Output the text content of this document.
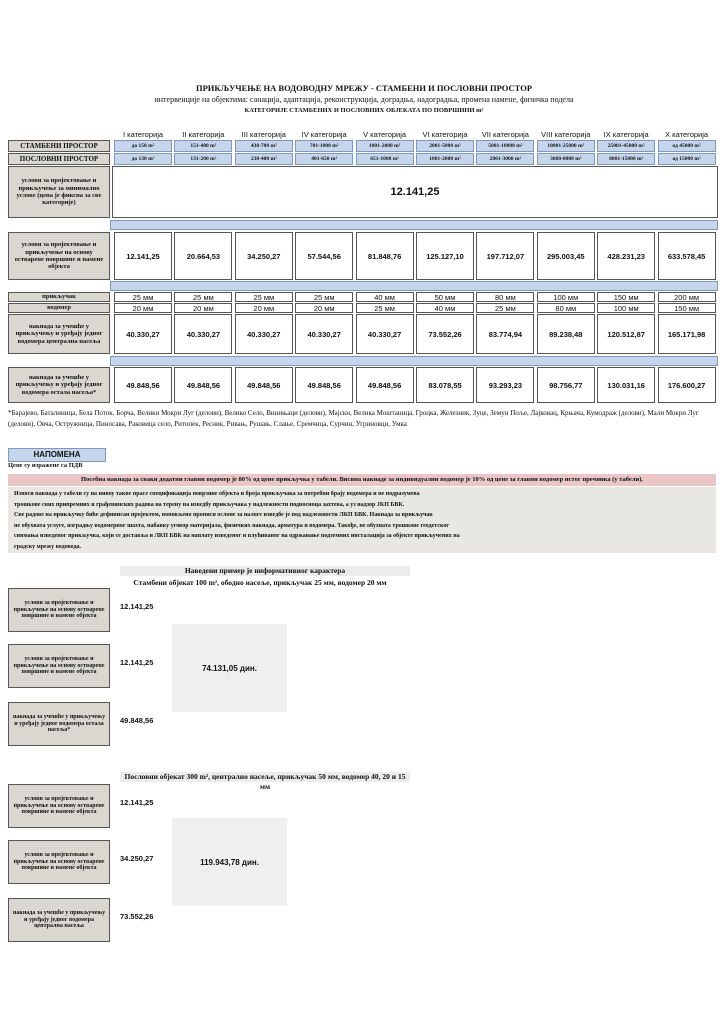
ПРИКЉУЧЕЊЕ НА ВОДОВОДНУ МРЕЖУ - СТАМБЕНИ И ПОСЛОВНИ ПРОСТОР
интервенције на објектима: санација, адаптација, реконструкција, доградња, надоградња, промена намене, физичка подела
КАТЕГОРИЈЕ СТАМБЕНИХ И ПОСЛОВНИХ ОБЈЕКАТА ПО ПОВРШИНИ m²
I категорија	II категорија	III категорија	IV категорија	V категорија	VI категорија	VII категорија	VIII категорија	IX категорија	X категорија
СТАМБЕНИ ПРОСТОР	до 150 m²	151-400 m²	430-700 m²	701-1000 m²	1001-2000 m²	2001-5000 m²	5001-10000 m²	10001-25000 m²	25001-45000 m²	од 45000 m²
ПОСЛОВНИ ПРОСТОР	до 130 m²	131-200 m²	230-400 m²	401-650 m²	651-1000 m²	1001-2000 m²	2001-3000 m²	3000-8000 m²	8001-15000 m²	од 15000 m²
услови за пројектовање и прикључење за минимално услове (цена је фиксна за све категорије)
12.141,25
услови за пројектовање и прикључење на основу остварене површине и намене објекта
12.141,25	20.664,53	34.250,27	57.544,56	81.848,76	125.127,10	197.712,07	295.003,45	428.231,23	633.578,45
прикључак	25 мм	25 мм	25 мм	25 мм	40 мм	50 мм	80 мм	100 мм	150 мм	200 мм
водомер	20 мм	20 мм	20 мм	20 мм	25 мм	40 мм	25 мм	80 мм	100 мм	150 мм
накнада за учешће у прикључењу и уређају једног водомера централна насеља
40.330,27	40.330,27	40.330,27	40.330,27	40.330,27	73.552,26	83.774,94	89.238,48	120.512,87	165.171,98
накнада за учешће у прикључењу и уређају једног водомера остала насеља*
49.848,56	49.848,56	49.848,56	49.848,56	49.848,56	83.078,55	93.293,23	98.756,77	130.031,16	176.600,27
*Барајево, Баталиница, Бела Поток, Борча, Велики Мокри Луг (делови), Велико Село, Винињаци (делови), Мајски, Велика Моштаница, Гроцка, Железник, Зуце, Земун Поље, Лајковац, Крњача, Кумодраж (делови), Мали Мокри Луг (делови), Овча, Остружница, Пиносава, Раковица село, Ритопек, Ресник, Ривањ, Рушањ, Слање, Сремчица, Сурчин, Угриновци, Умка
НАПОМЕНА
Цене су изражене са ПДВ
Посебна накнада за сваки додатни главни водомер је 80% од цене прикључка у табели. Висина накнаде за индивидуални водомер је 10% од цене за главни водомер истог пречника (у табели).
Износи накнада у табели су на нивоу такве прасе спецификација поврзине објекта и броја прикључака за потребни брају водомера и не подразумева
трошкове свих припремних и грађевинских радова на терену на изведбу прикључака у надлежности подносиоца захтева, а уз надзор ЈКП БВК.
Све радове на прикључку биће дефинисан пројектом, поновљено прописи ослоне за налоге изведбе је под надлежности ЛКП БВК. Накнада за прикључак
не обухвата услуге, изградњу водомерног шахта, набавку уговор материјала, физичких накнада, арматура и водомера. Такође, не обухвата трошкове геодетског
снимања изведеног прикључка, који се доставља и ЛКП БВК на наплату изведеног и плућиваног на одржавање подземних инсталација за објекте прикључених на
градску мрежу водовода.
Наведени пример је информативног карактера
Стамбени објекат 100 m², ободно насеље, прикључак 25 мм, водомер 20 мм
услови за пројектовање и прикључење на основу остварене површине и намене објекта
12.141,25
услови за пројектовање и прикључење на основу остварене површине и намене објекта
12.141,25
накнада за учешће у прикључењу и уређају једног водомера остала насеља*
49.848,56
74.131,05 дин.
Пословни објекат 300 m², централно насеље, прикључак 50 мм, водомер 40, 20 и 15 мм
услови за пројектовање и прикључење на основу остварене површине и намене објекта
12.141,25
услови за пројектовање и прикључење на основу остварене површине и намене објекта
34.250,27
накнада за учешће у прикључењу и уређају једног водомера централна насеља
73.552,26
119.943,78 дин.
